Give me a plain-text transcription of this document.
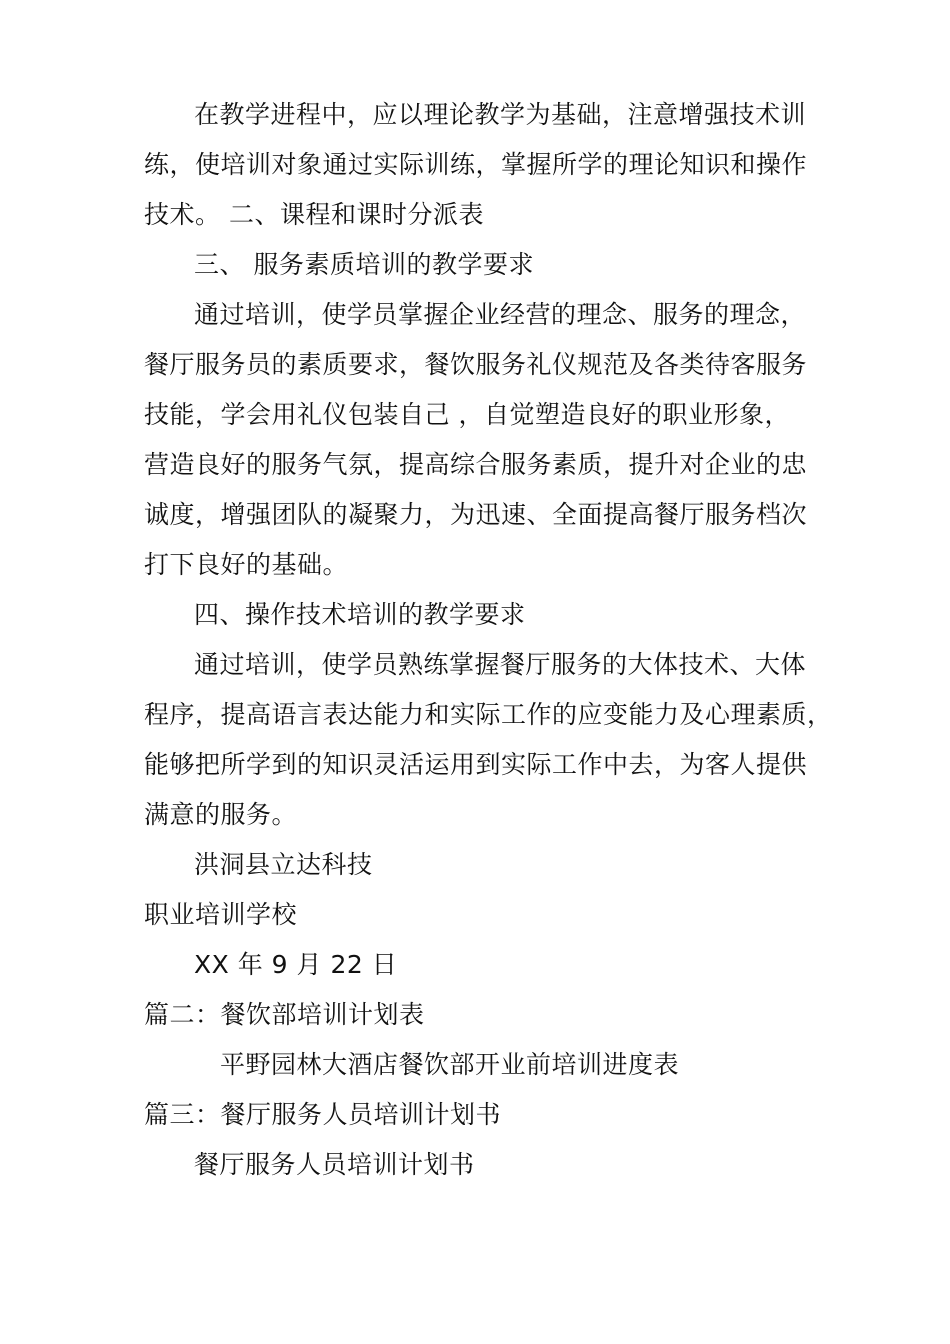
在教学进程中，应以理论教学为基础，注意增强技术训
练，使培训对象通过实际训练，掌握所学的理论知识和操作
技术。 二、课程和课时分派表
三、 服务素质培训的教学要求
通过培训，使学员掌握企业经营的理念、服务的理念，
餐厅服务员的素质要求，餐饮服务礼仪规范及各类待客服务
技能，学会用礼仪包装自己 ，自觉塑造良好的职业形象，
营造良好的服务气氛，提高综合服务素质，提升对企业的忠
诚度，增强团队的凝聚力，为迅速、全面提高餐厅服务档次
打下良好的基础。
四、操作技术培训的教学要求
通过培训，使学员熟练掌握餐厅服务的大体技术、大体
程序，提高语言表达能力和实际工作的应变能力及心理素质，
能够把所学到的知识灵活运用到实际工作中去，为客人提供
满意的服务。
洪洞县立达科技
职业培训学校
XX 年 9 月 22 日
篇二：餐饮部培训计划表
平野园林大酒店餐饮部开业前培训进度表
篇三：餐厅服务人员培训计划书
餐厅服务人员培训计划书
